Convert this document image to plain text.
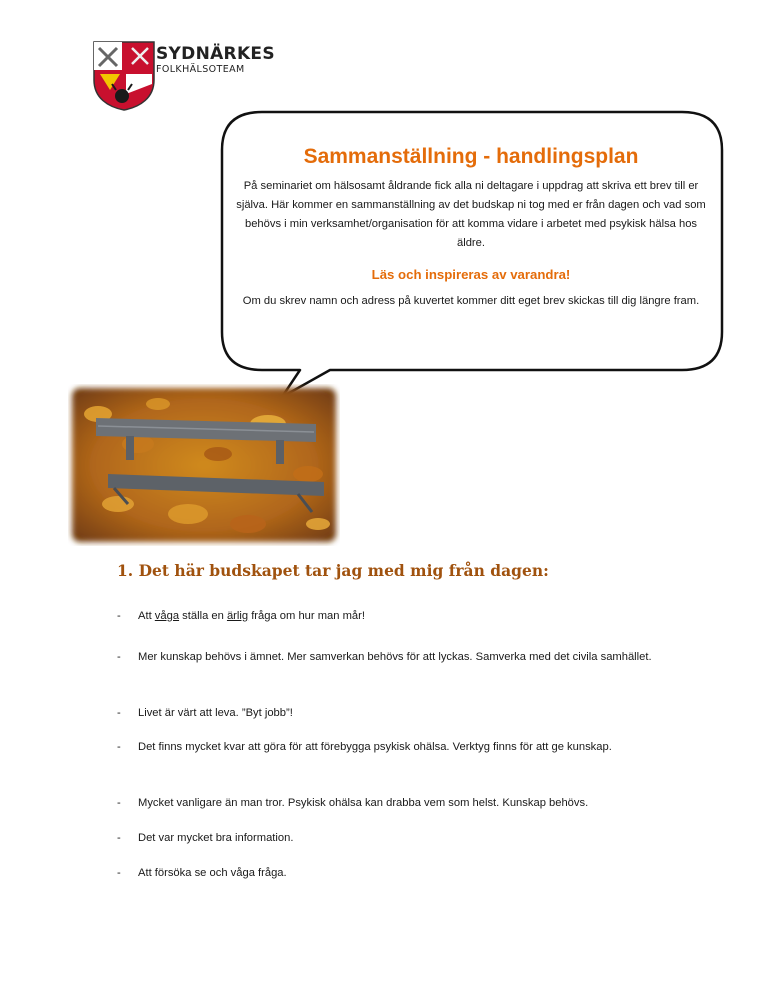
SYDNÄRKES
FOLKHÄLSOTEAM
Sammanställning - handlingsplan
På seminariet om hälsosamt åldrande fick alla ni deltagare i uppdrag att skriva ett brev till er själva. Här kommer en sammanställning av det budskap ni tog med er från dagen och vad som behövs i min verksamhet/organisation för att komma vidare i arbetet med psykisk hälsa hos äldre.
Läs och inspireras av varandra!
Om du skrev namn och adress på kuvertet kommer ditt eget brev skickas till dig längre fram.
1. Det här budskapet tar jag med mig från dagen:
- Att våga ställa en ärlig fråga om hur man mår!
- Mer kunskap behövs i ämnet. Mer samverkan behövs för att lyckas. Samverka med det civila samhället.
- Livet är värt att leva. ”Byt jobb”!
- Det finns mycket kvar att göra för att förebygga psykisk ohälsa. Verktyg finns för att ge kunskap.
- Mycket vanligare än man tror. Psykisk ohälsa kan drabba vem som helst. Kunskap behövs.
- Det var mycket bra information.
- Att försöka se och våga fråga.
